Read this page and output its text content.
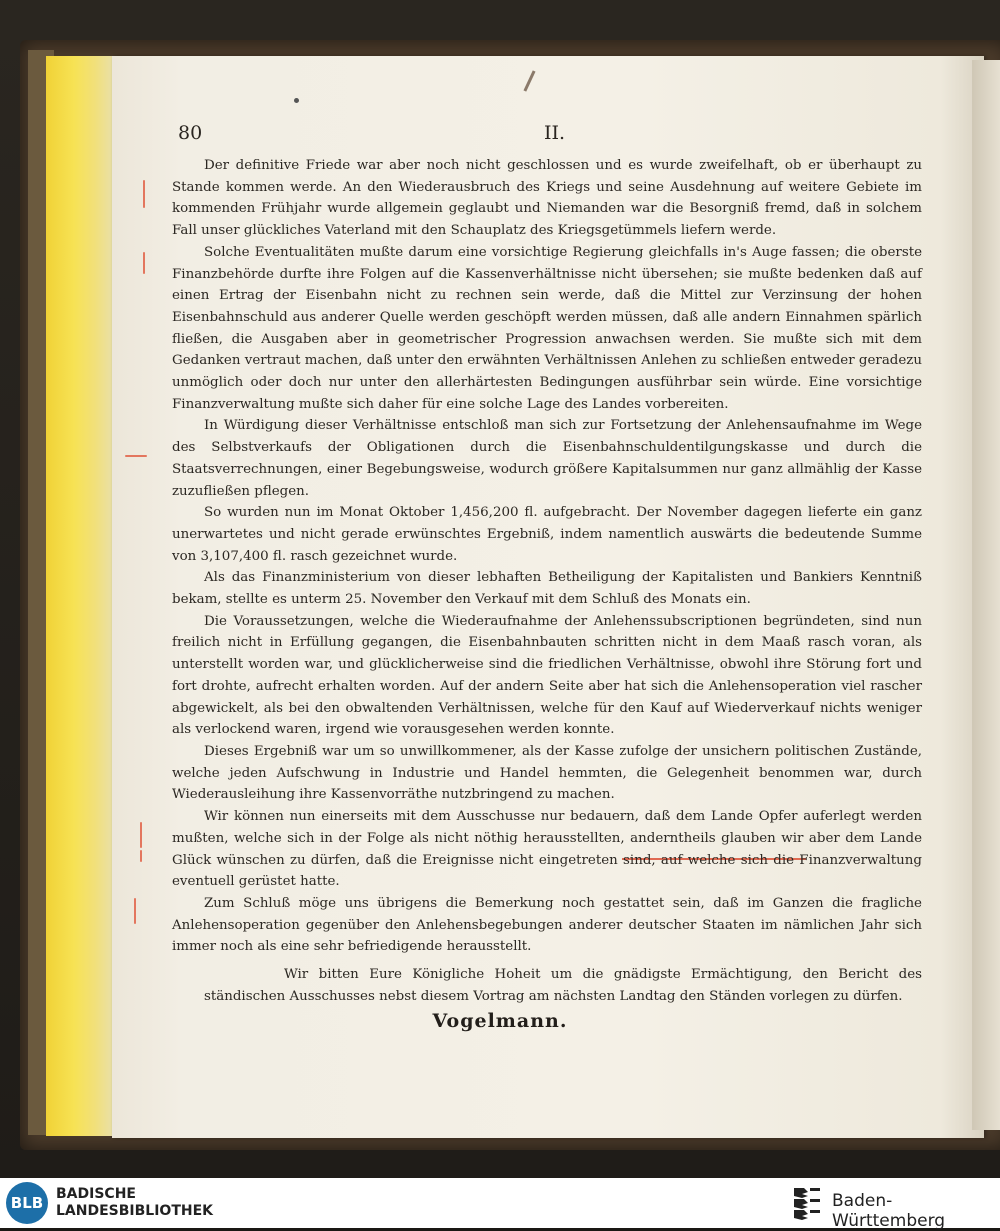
80	II.

Der definitive Friede war aber noch nicht geschlossen und es wurde zweifelhaft, ob er überhaupt zu Stande kommen werde. An den Wiederausbruch des Kriegs und seine Ausdehnung auf weitere Gebiete im kommenden Frühjahr wurde allgemein geglaubt und Niemanden war die Besorgniß fremd, daß in solchem Fall unser glückliches Vaterland mit den Schauplatz des Kriegsgetümmels liefern werde.

Solche Eventualitäten mußte darum eine vorsichtige Regierung gleichfalls in's Auge fassen; die oberste Finanzbehörde durfte ihre Folgen auf die Kassenverhältnisse nicht übersehen; sie mußte bedenken daß auf einen Ertrag der Eisenbahn nicht zu rechnen sein werde, daß die Mittel zur Verzinsung der hohen Eisenbahnschuld aus anderer Quelle werden geschöpft werden müssen, daß alle andern Einnahmen spärlich fließen, die Ausgaben aber in geometrischer Progression anwachsen werden. Sie mußte sich mit dem Gedanken vertraut machen, daß unter den erwähnten Verhältnissen Anlehen zu schließen entweder geradezu unmöglich oder doch nur unter den allerhärtesten Bedingungen ausführbar sein würde. Eine vorsichtige Finanzverwaltung mußte sich daher für eine solche Lage des Landes vorbereiten.

In Würdigung dieser Verhältnisse entschloß man sich zur Fortsetzung der Anlehensaufnahme im Wege des Selbstverkaufs der Obligationen durch die Eisenbahnschuldentilgungskasse und durch die Staatsverrechnungen, einer Begebungsweise, wodurch größere Kapitalsummen nur ganz allmählig der Kasse zuzufließen pflegen.

So wurden nun im Monat Oktober 1,456,200 fl. aufgebracht. Der November dagegen lieferte ein ganz unerwartetes und nicht gerade erwünschtes Ergebniß, indem namentlich auswärts die bedeutende Summe von 3,107,400 fl. rasch gezeichnet wurde.

Als das Finanzministerium von dieser lebhaften Betheiligung der Kapitalisten und Bankiers Kenntniß bekam, stellte es unterm 25. November den Verkauf mit dem Schluß des Monats ein.

Die Voraussetzungen, welche die Wiederaufnahme der Anlehenssubscriptionen begründeten, sind nun freilich nicht in Erfüllung gegangen, die Eisenbahnbauten schritten nicht in dem Maaß rasch voran, als unterstellt worden war, und glücklicherweise sind die friedlichen Verhältnisse, obwohl ihre Störung fort und fort drohte, aufrecht erhalten worden. Auf der andern Seite aber hat sich die Anlehensoperation viel rascher abgewickelt, als bei den obwaltenden Verhältnissen, welche für den Kauf auf Wiederverkauf nichts weniger als verlockend waren, irgend wie vorausgesehen werden konnte.

Dieses Ergebniß war um so unwillkommener, als der Kasse zufolge der unsichern politischen Zustände, welche jeden Aufschwung in Industrie und Handel hemmten, die Gelegenheit benommen war, durch Wiederausleihung ihre Kassenvorräthe nutzbringend zu machen.

Wir können nun einerseits mit dem Ausschusse nur bedauern, daß dem Lande Opfer auferlegt werden mußten, welche sich in der Folge als nicht nöthig herausstellten, anderntheils glauben wir aber dem Lande Glück wünschen zu dürfen, daß die Ereignisse nicht eingetreten sind, auf welche sich die Finanzverwaltung eventuell gerüstet hatte.

Zum Schluß möge uns übrigens die Bemerkung noch gestattet sein, daß im Ganzen die fragliche Anlehensoperation gegenüber den Anlehensbegebungen anderer deutscher Staaten im nämlichen Jahr sich immer noch als eine sehr befriedigende herausstellt.

Wir bitten Eure Königliche Hoheit um die gnädigste Ermächtigung, den Bericht des ständischen Ausschusses nebst diesem Vortrag am nächsten Landtag den Ständen vorlegen zu dürfen.

Vogelmann.
BLB BADISCHE
LANDESBIBLIOTHEK	Baden-Württemberg
